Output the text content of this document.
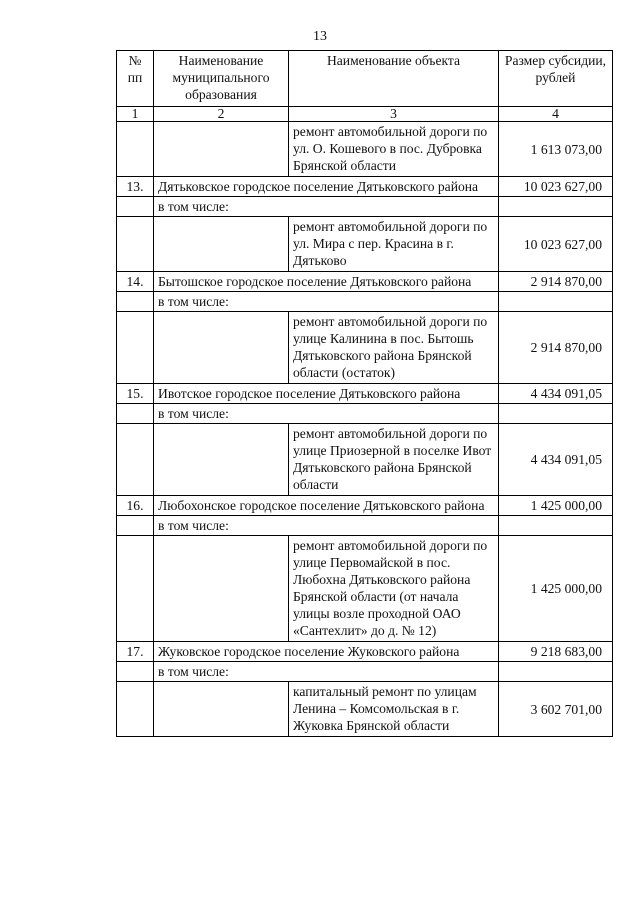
13
№ пп	Наименование муниципального образования	Наименование объекта	Размер субсидии, рублей
1	2	3	4
		ремонт автомобильной дороги по ул. О. Кошевого в пос. Дубровка Брянской области	1 613 073,00
13.	Дятьковское городское поселение Дятьковского района		10 023 627,00
	в том числе:		
		ремонт автомобильной дороги по ул. Мира с пер. Красина в г. Дятьково	10 023 627,00
14.	Бытошское городское поселение Дятьковского района		2 914 870,00
	в том числе:		
		ремонт автомобильной дороги по улице Калинина в пос. Бытошь Дятьковского района Брянской области (остаток)	2 914 870,00
15.	Ивотское городское поселение Дятьковского района		4 434 091,05
	в том числе:		
		ремонт автомобильной дороги по улице Приозерной в поселке Ивот Дятьковского района Брянской области	4 434 091,05
16.	Любохонское городское поселение Дятьковского района		1 425 000,00
	в том числе:		
		ремонт автомобильной дороги по улице Первомайской в пос. Любохна Дятьковского района Брянской области (от начала улицы возле проходной ОАО «Сантехлит» до д. № 12)	1 425 000,00
17.	Жуковское городское поселение Жуковского района		9 218 683,00
	в том числе:		
		капитальный ремонт по улицам Ленина – Комсомольская в г. Жуковка Брянской области	3 602 701,00
